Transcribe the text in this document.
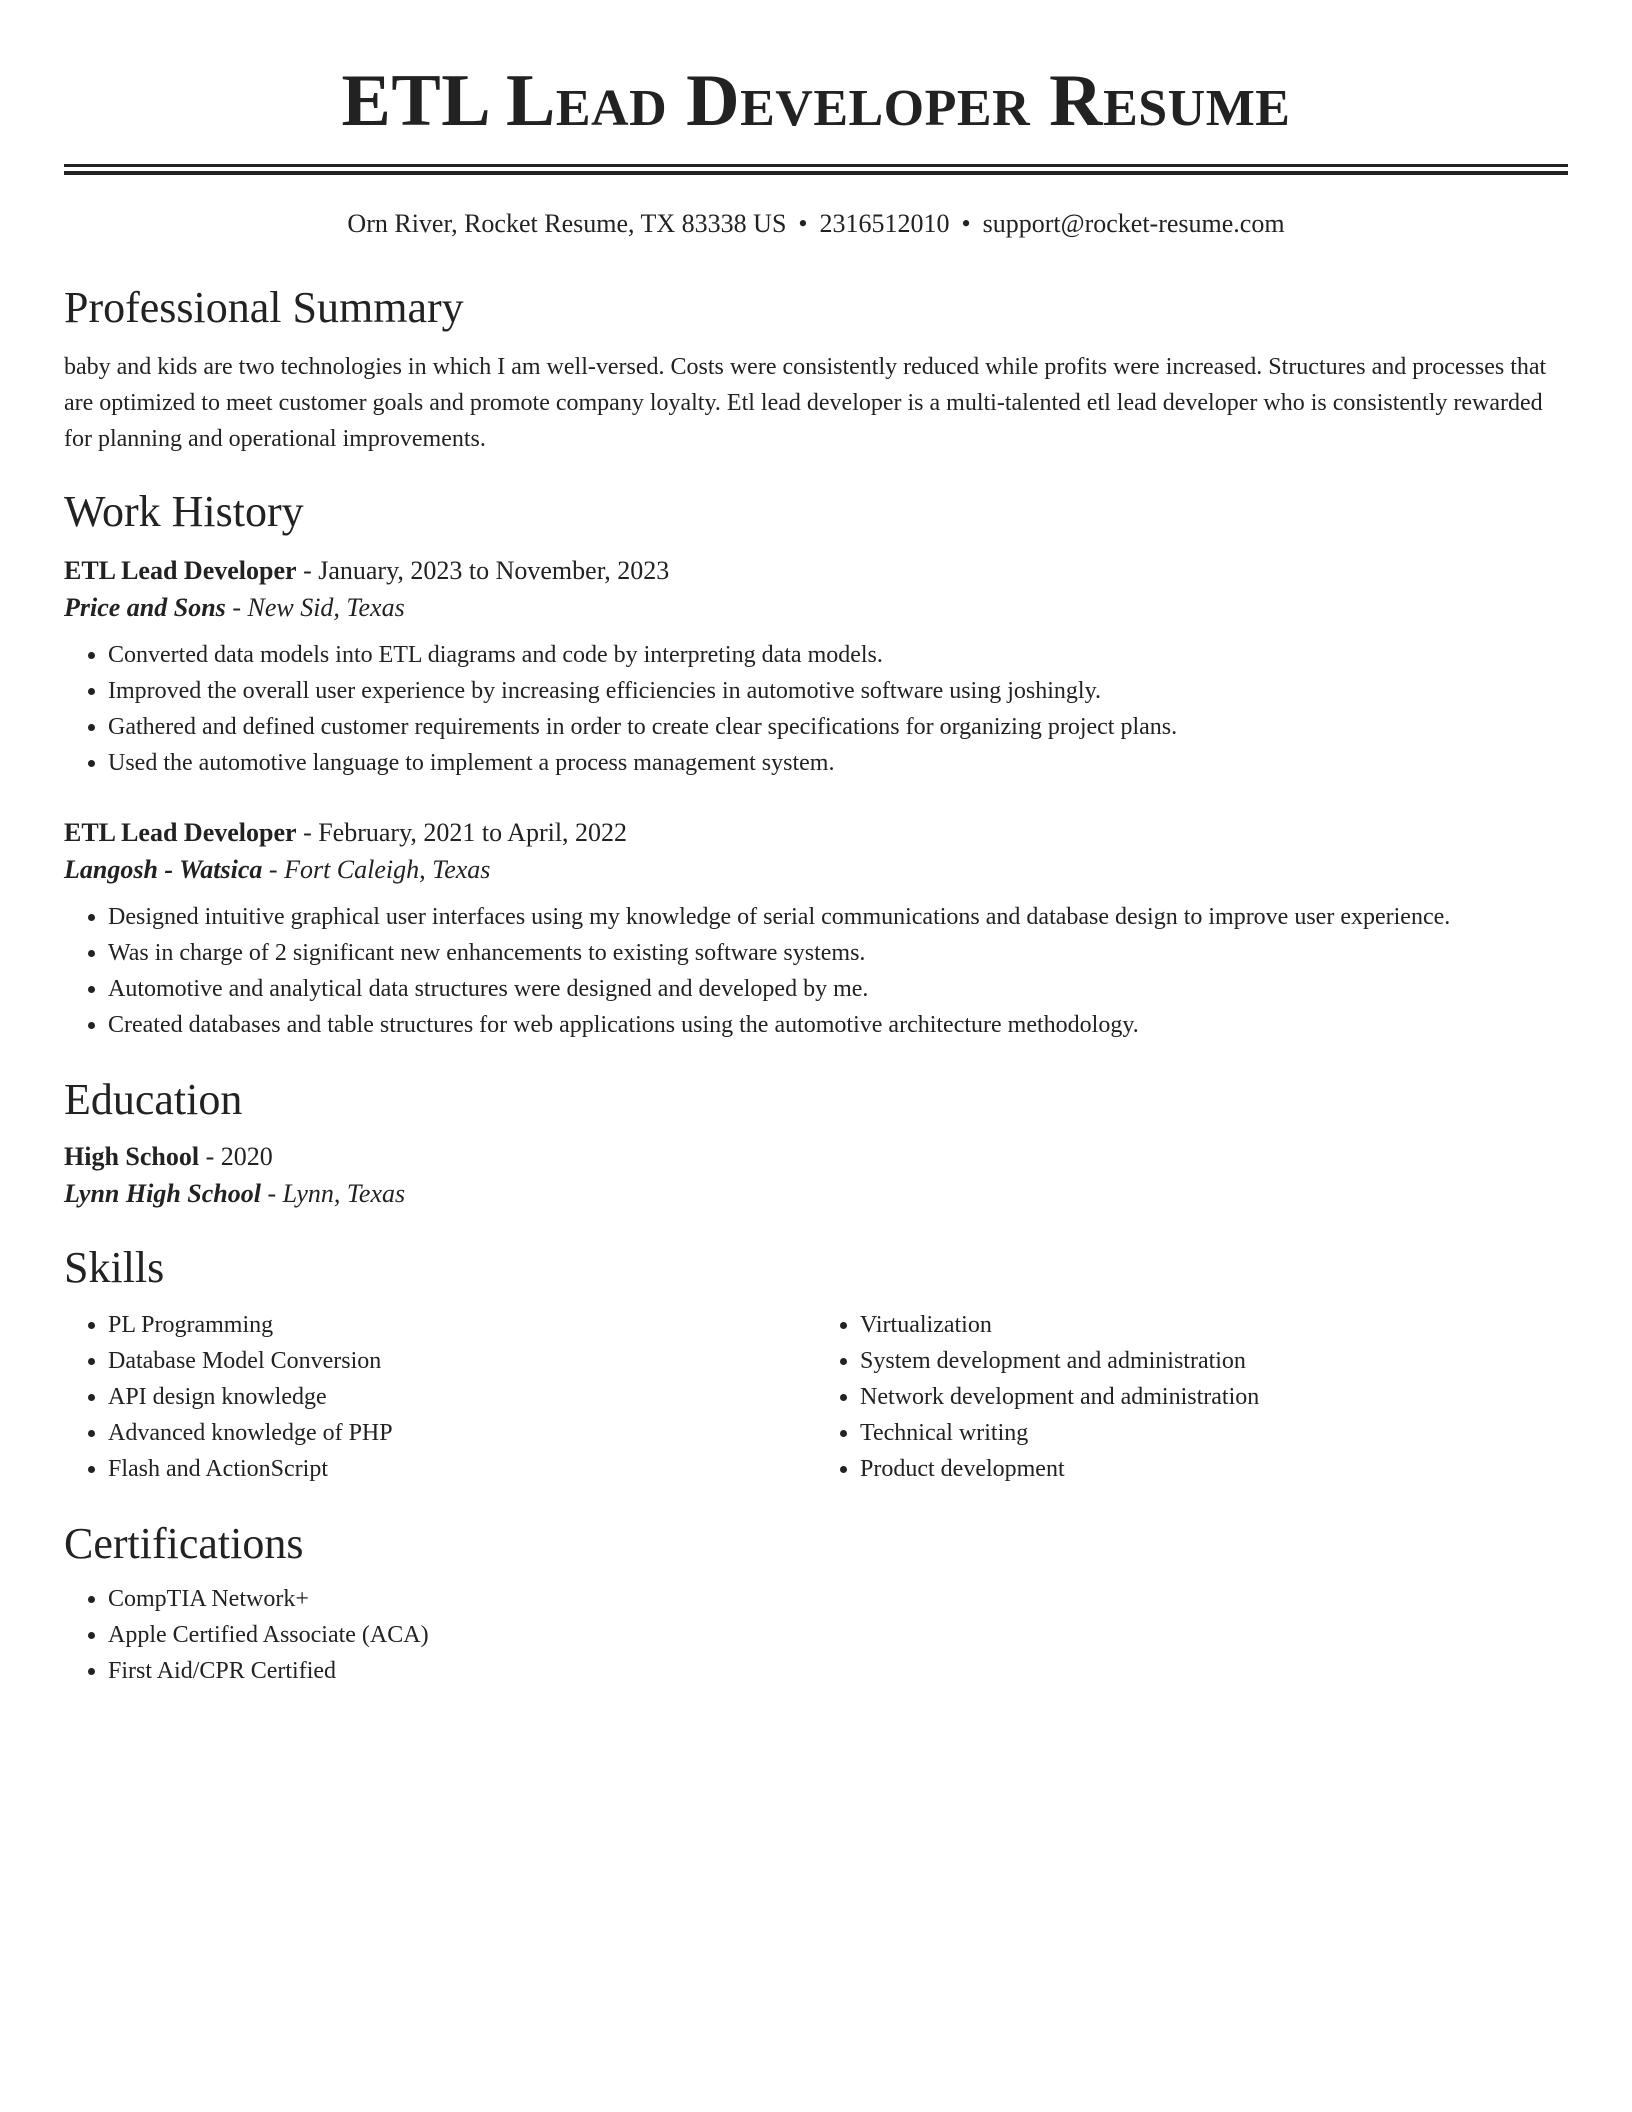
ETL Lead Developer Resume
Orn River, Rocket Resume, TX 83338 US • 2316512010 • support@rocket-resume.com
Professional Summary

baby and kids are two technologies in which I am well-versed. Costs were consistently reduced while profits were increased. Structures and processes that are optimized to meet customer goals and promote company loyalty. Etl lead developer is a multi-talented etl lead developer who is consistently rewarded for planning and operational improvements.

Work History
ETL Lead Developer - January, 2023 to November, 2023
Price and Sons - New Sid, Texas
• Converted data models into ETL diagrams and code by interpreting data models.
• Improved the overall user experience by increasing efficiencies in automotive software using joshingly.
• Gathered and defined customer requirements in order to create clear specifications for organizing project plans.
• Used the automotive language to implement a process management system.
ETL Lead Developer - February, 2021 to April, 2022
Langosh - Watsica - Fort Caleigh, Texas
• Designed intuitive graphical user interfaces using my knowledge of serial communications and database design to improve user experience.
• Was in charge of 2 significant new enhancements to existing software systems.
• Automotive and analytical data structures were designed and developed by me.
• Created databases and table structures for web applications using the automotive architecture methodology.
Education
High School - 2020
Lynn High School - Lynn, Texas
Skills
• PL Programming
• Database Model Conversion
• API design knowledge
• Advanced knowledge of PHP
• Flash and ActionScript
• Virtualization
• System development and administration
• Network development and administration
• Technical writing
• Product development
Certifications
• CompTIA Network+
• Apple Certified Associate (ACA)
• First Aid/CPR Certified
